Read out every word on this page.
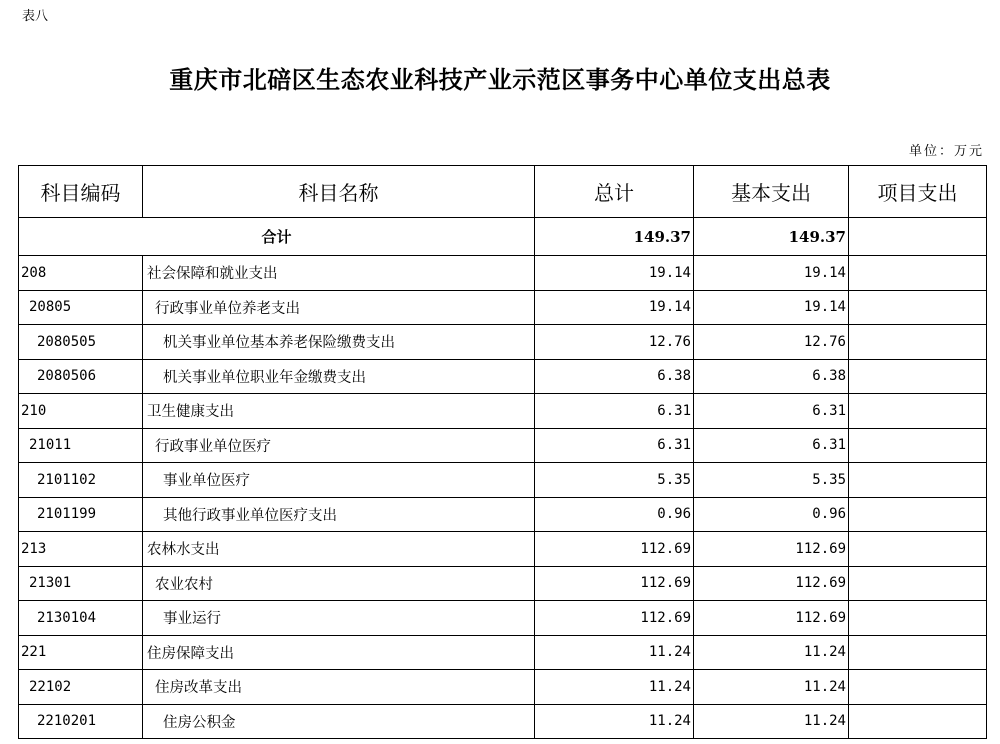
表八
重庆市北碚区生态农业科技产业示范区事务中心单位支出总表
单位：万元
科目编码	科目名称	总计	基本支出	项目支出
合计		149.37	149.37	
208	社会保障和就业支出	19.14	19.14	
20805	行政事业单位养老支出	19.14	19.14	
2080505	机关事业单位基本养老保险缴费支出	12.76	12.76	
2080506	机关事业单位职业年金缴费支出	6.38	6.38	
210	卫生健康支出	6.31	6.31	
21011	行政事业单位医疗	6.31	6.31	
2101102	事业单位医疗	5.35	5.35	
2101199	其他行政事业单位医疗支出	0.96	0.96	
213	农林水支出	112.69	112.69	
21301	农业农村	112.69	112.69	
2130104	事业运行	112.69	112.69	
221	住房保障支出	11.24	11.24	
22102	住房改革支出	11.24	11.24	
2210201	住房公积金	11.24	11.24	
